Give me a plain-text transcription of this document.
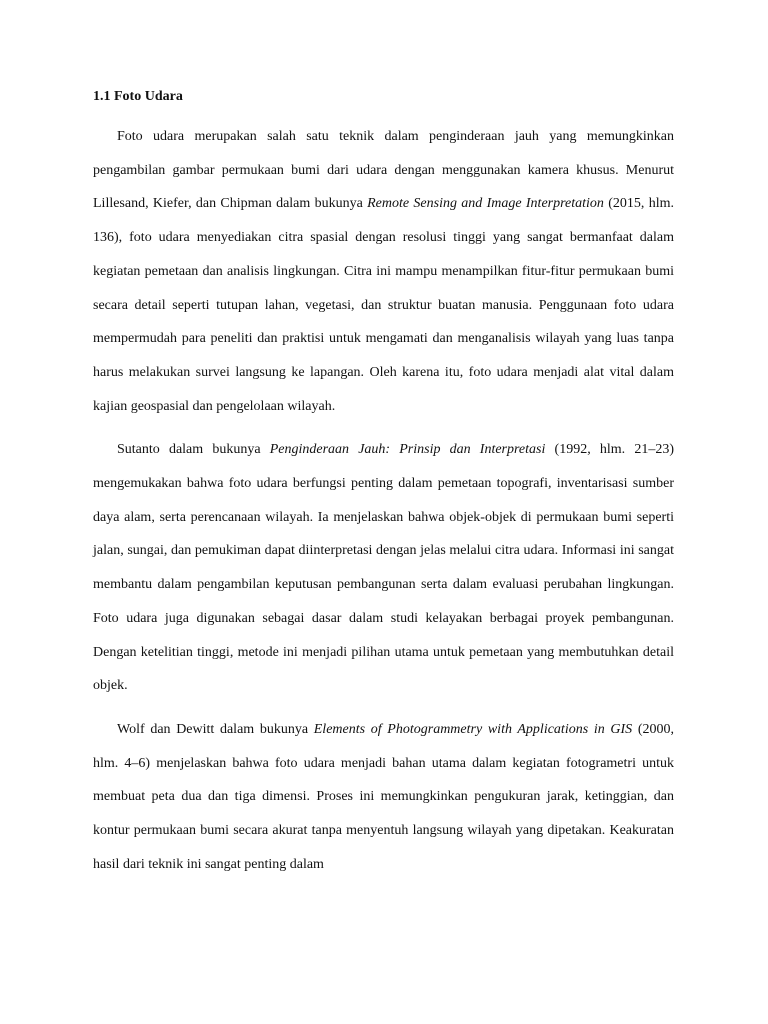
1.1 Foto Udara

Foto udara merupakan salah satu teknik dalam penginderaan jauh yang memungkinkan pengambilan gambar permukaan bumi dari udara dengan menggunakan kamera khusus. Menurut Lillesand, Kiefer, dan Chipman dalam bukunya Remote Sensing and Image Interpretation (2015, hlm. 136), foto udara menyediakan citra spasial dengan resolusi tinggi yang sangat bermanfaat dalam kegiatan pemetaan dan analisis lingkungan. Citra ini mampu menampilkan fitur-fitur permukaan bumi secara detail seperti tutupan lahan, vegetasi, dan struktur buatan manusia. Penggunaan foto udara mempermudah para peneliti dan praktisi untuk mengamati dan menganalisis wilayah yang luas tanpa harus melakukan survei langsung ke lapangan. Oleh karena itu, foto udara menjadi alat vital dalam kajian geospasial dan pengelolaan wilayah.

Sutanto dalam bukunya Penginderaan Jauh: Prinsip dan Interpretasi (1992, hlm. 21–23) mengemukakan bahwa foto udara berfungsi penting dalam pemetaan topografi, inventarisasi sumber daya alam, serta perencanaan wilayah. Ia menjelaskan bahwa objek-objek di permukaan bumi seperti jalan, sungai, dan pemukiman dapat diinterpretasi dengan jelas melalui citra udara. Informasi ini sangat membantu dalam pengambilan keputusan pembangunan serta dalam evaluasi perubahan lingkungan. Foto udara juga digunakan sebagai dasar dalam studi kelayakan berbagai proyek pembangunan. Dengan ketelitian tinggi, metode ini menjadi pilihan utama untuk pemetaan yang membutuhkan detail objek.

Wolf dan Dewitt dalam bukunya Elements of Photogrammetry with Applications in GIS (2000, hlm. 4–6) menjelaskan bahwa foto udara menjadi bahan utama dalam kegiatan fotogrametri untuk membuat peta dua dan tiga dimensi. Proses ini memungkinkan pengukuran jarak, ketinggian, dan kontur permukaan bumi secara akurat tanpa menyentuh langsung wilayah yang dipetakan. Keakuratan hasil dari teknik ini sangat penting dalam
